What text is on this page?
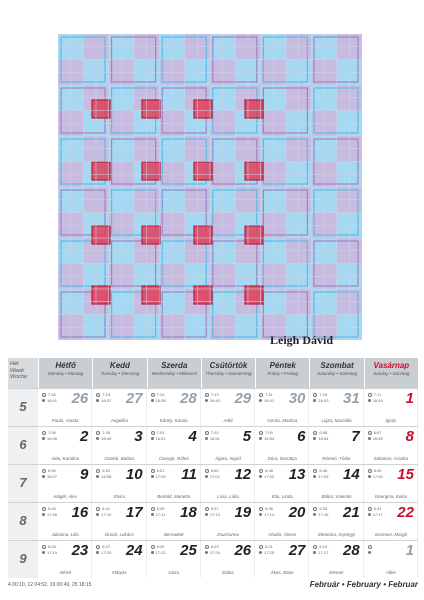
Leigh Dávid
Hét
Week
Woche
Hétfő
Monday • Montag
Kedd
Tuesday • Dienstag
Szerda
Wednesday • Mittwoch
Csütörtök
Thursday • Donnerstag
Péntek
Friday • Freitag
Szombat
Saturday • Samstag
Vasárnap
Sunday • Sonntag
5
7:16
16:41 26
Paula, Vanda
7:15
16:37 27
Angelika
7:14
16:38 28
Károly, Karola
7:13
16:40 29
Adél
7:11
16:41 30
Gerda, Martina
7:10
16:43 31
Lujza, Marcella
7:11
16:44 1
Ignác
6
7:06
16:48 2
Aida, Karolina
7:05
16:49 3
Oszkár, Balázs
7:03
16:51 4
Csenge, Ráhel
7:02
16:51 5
Ágota, Ingrid
7:00
16:54 6
Dóra, Dorottya
6:58
16:54 7
Rómeó, Tódor
6:57
16:55 8
Salamon, Aranka
7
6:55
16:57 9
Abigél, Alex
6:53
16:58 10
Elvira
6:51
17:00 11
Bertold, Marietta
6:50
17:02 12
Lívia, Lídia
6:48
17:03 13
Ella, Linda
6:46
17:05 14
Bálint, Valentin
6:45
17:06 15
Georgina, Kolos
8
6:43
17:08 16
Julianna, Lilla
6:41
17:10 17
Donát, Lukács
6:39
17:11 18
Bernadett
6:37
17:13 19
Zsuzsanna
6:35
17:14 20
Aladár, Álmos
6:33
17:16 21
Eleonóra, Gyöngyi
6:31
17:17 22
Gerzson, Margit
9
6:29
17:19 23
Alfréd
6:27
17:20 24
Mátyás
6:25
17:22 25
Géza
6:23
17:24 26
Edina
6:21
17:25 27
Ákos, Bátor
6:19
17:27 28
Elemér
1
Albin
4 00:10, 12 04:52, 19 00:49, 25 18:15	Február • February • Februar
